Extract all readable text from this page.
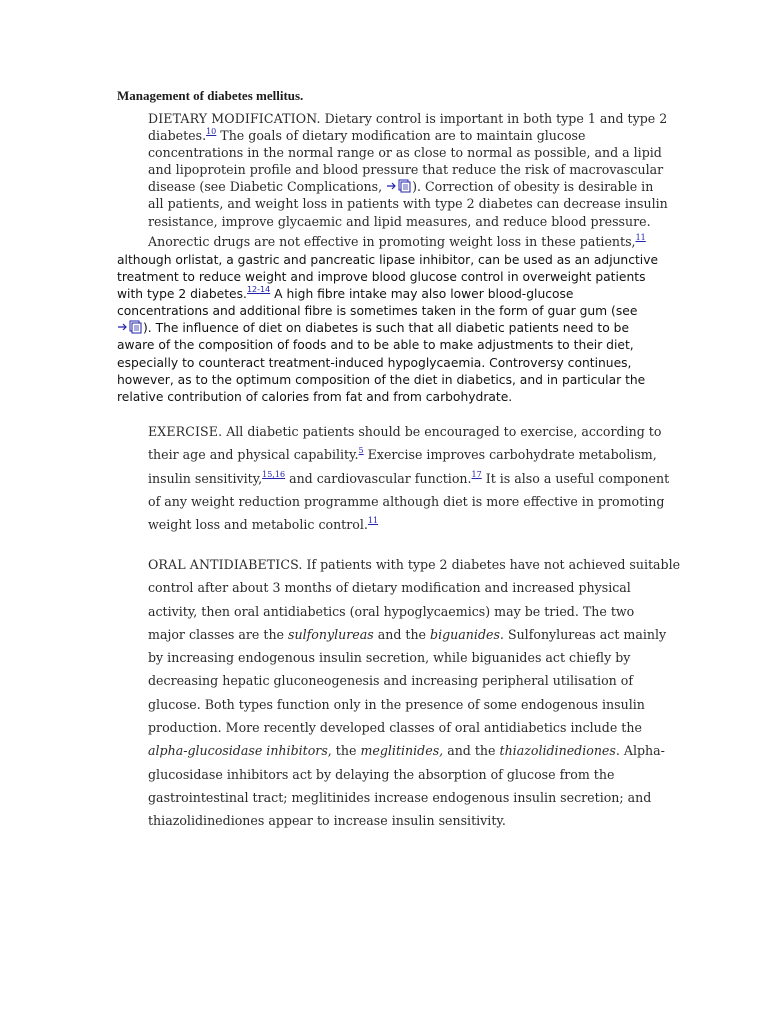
Management of diabetes mellitus.
DIETARY MODIFICATION. Dietary control is important in both type 1 and type 2
diabetes.$^{10}$ The goals of dietary modification are to maintain glucose
concentrations in the normal range or as close to normal as possible, and a lipid
and lipoprotein profile and blood pressure that reduce the risk of macrovascular
disease (see Diabetic Complications, ). Correction of obesity is desirable in
all patients, and weight loss in patients with type 2 diabetes can decrease insulin
resistance, improve glycaemic and lipid measures, and reduce blood pressure.
Anorectic drugs are not effective in promoting weight loss in these patients,$^{11}$
although orlistat, a gastric and pancreatic lipase inhibitor, can be used as an adjunctive
treatment to reduce weight and improve blood glucose control in overweight patients
with type 2 diabetes.$^{12-14}$ A high fibre intake may also lower blood-glucose
concentrations and additional fibre is sometimes taken in the form of guar gum (see
). The influence of diet on diabetes is such that all diabetic patients need to be
aware of the composition of foods and to be able to make adjustments to their diet,
especially to counteract treatment-induced hypoglycaemia. Controversy continues,
however, as to the optimum composition of the diet in diabetics, and in particular the
relative contribution of calories from fat and from carbohydrate.
EXERCISE. All diabetic patients should be encouraged to exercise, according to
their age and physical capability.$^5$ Exercise improves carbohydrate metabolism,
insulin sensitivity,$^{15,16}$ and cardiovascular function.$^{17}$ It is also a useful component
of any weight reduction programme although diet is more effective in promoting
weight loss and metabolic control.$^{11}$
ORAL ANTIDIABETICS. If patients with type 2 diabetes have not achieved suitable
control after about 3 months of dietary modification and increased physical
activity, then oral antidiabetics (oral hypoglycaemics) may be tried. The two
major classes are the sulfonylureas and the biguanides. Sulfonylureas act mainly
by increasing endogenous insulin secretion, while biguanides act chiefly by
decreasing hepatic gluconeogenesis and increasing peripheral utilisation of
glucose. Both types function only in the presence of some endogenous insulin
production. More recently developed classes of oral antidiabetics include the
alpha-glucosidase inhibitors, the meglitinides, and the thiazolidinediones. Alpha-
glucosidase inhibitors act by delaying the absorption of glucose from the
gastrointestinal tract; meglitinides increase endogenous insulin secretion; and
thiazolidinediones appear to increase insulin sensitivity.
